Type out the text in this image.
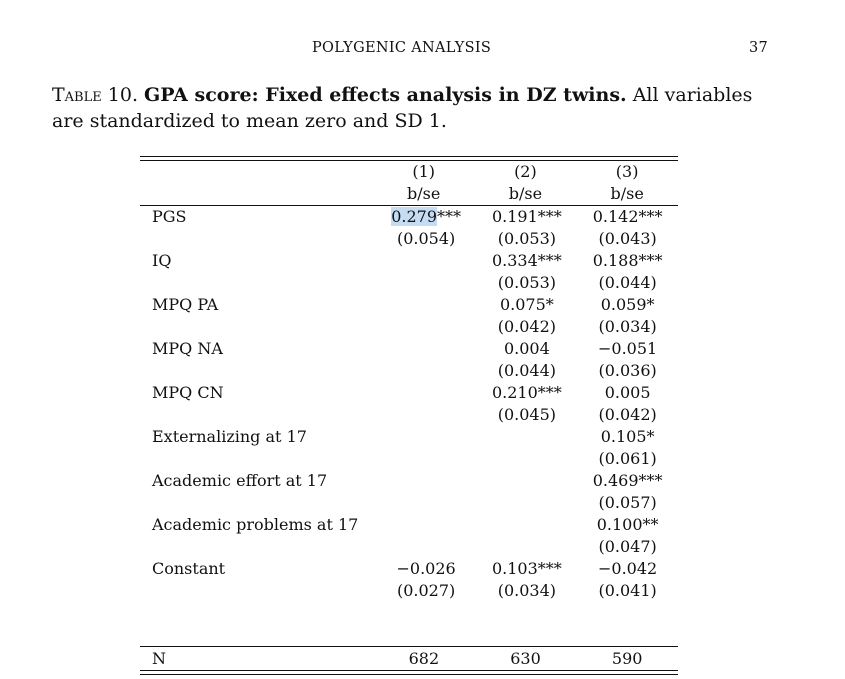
POLYGENIC ANALYSIS	37
Table 10. GPA score: Fixed effects analysis in DZ twins. All variables are standardized to mean zero and SD 1.
	(1)	(2)	(3)
	b/se	b/se	b/se
PGS	0.279***	0.191***	0.142***
	(0.054)	(0.053)	(0.043)
IQ		0.334***	0.188***
		(0.053)	(0.044)
MPQ PA		0.075*	0.059*
		(0.042)	(0.034)
MPQ NA		0.004	−0.051
		(0.044)	(0.036)
MPQ CN		0.210***	0.005
		(0.045)	(0.042)
Externalizing at 17			0.105*
			(0.061)
Academic effort at 17			0.469***
			(0.057)
Academic problems at 17			0.100**
			(0.047)
Constant	−0.026	0.103***	−0.042
	(0.027)	(0.034)	(0.041)

N	682	630	590
